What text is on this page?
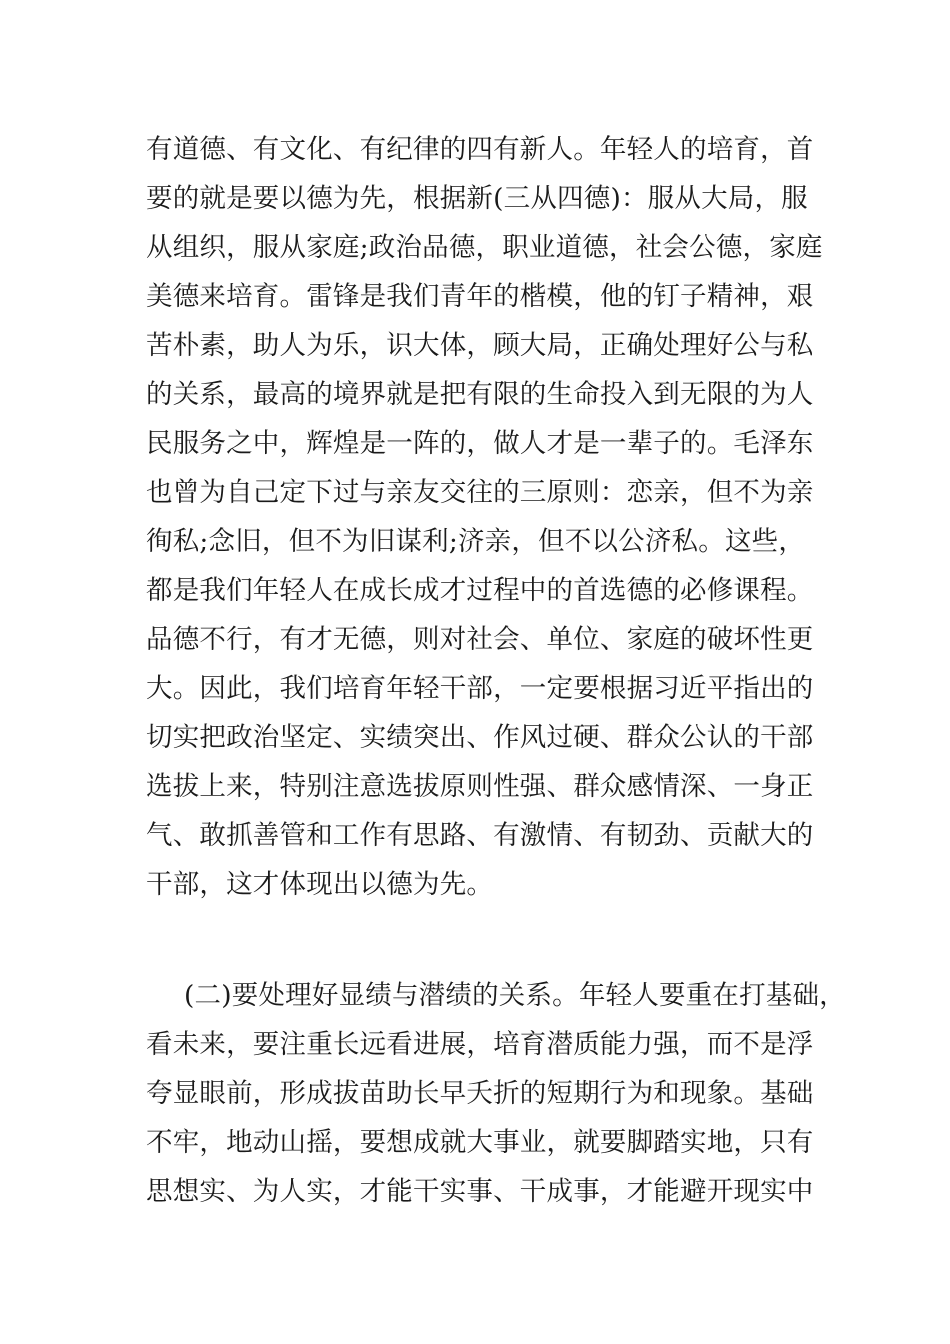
有道德、有文化、有纪律的四有新人。年轻人的培育，首
要的就是要以德为先，根据新(三从四德)：服从大局，服
从组织，服从家庭;政治品德，职业道德，社会公德，家庭
美德来培育。雷锋是我们青年的楷模，他的钉子精神，艰
苦朴素，助人为乐，识大体，顾大局，正确处理好公与私
的关系，最高的境界就是把有限的生命投入到无限的为人
民服务之中，辉煌是一阵的，做人才是一辈子的。毛泽东
也曾为自己定下过与亲友交往的三原则：恋亲，但不为亲
徇私;念旧，但不为旧谋利;济亲，但不以公济私。这些，
都是我们年轻人在成长成才过程中的首选德的必修课程。
品德不行，有才无德，则对社会、单位、家庭的破坏性更
大。因此，我们培育年轻干部，一定要根据习近平指出的
切实把政治坚定、实绩突出、作风过硬、群众公认的干部
选拔上来，特别注意选拔原则性强、群众感情深、一身正
气、敢抓善管和工作有思路、有激情、有韧劲、贡献大的
干部，这才体现出以德为先。
(二)要处理好显绩与潜绩的关系。年轻人要重在打基础，
看未来，要注重长远看进展，培育潜质能力强，而不是浮
夸显眼前，形成拔苗助长早夭折的短期行为和现象。基础
不牢，地动山摇，要想成就大事业，就要脚踏实地，只有
思想实、为人实，才能干实事、干成事，才能避开现实中
